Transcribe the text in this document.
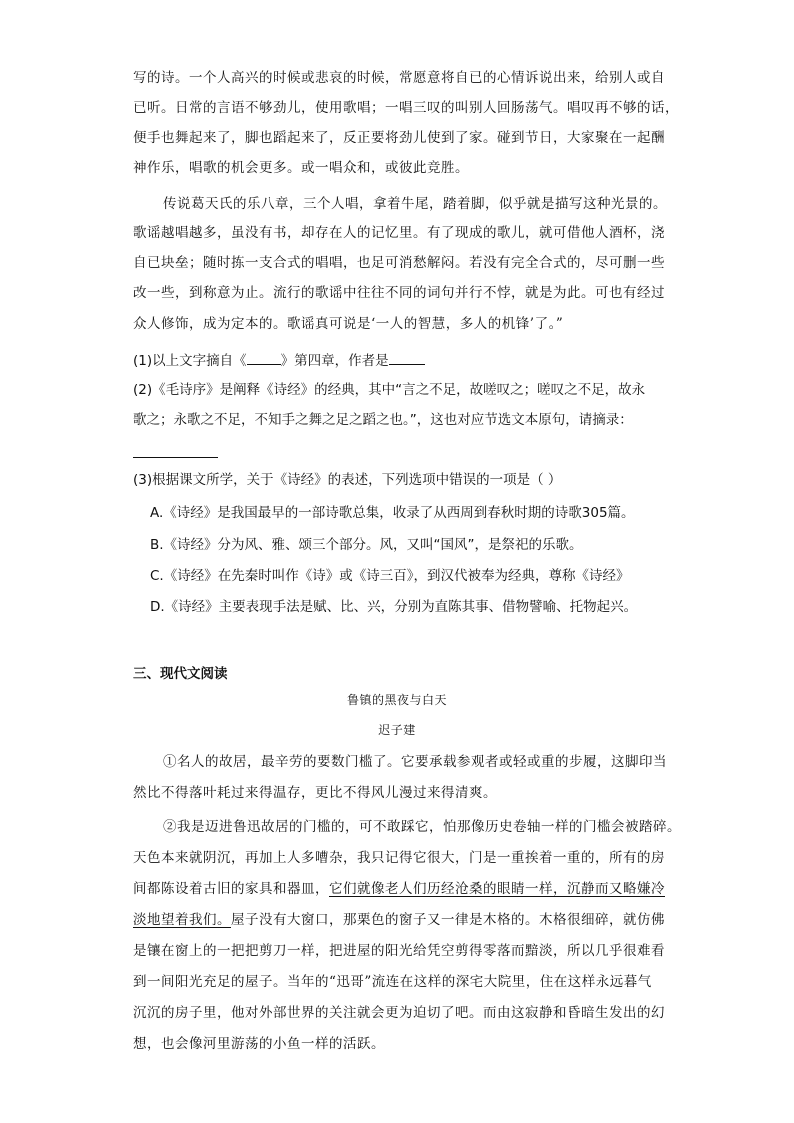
写的诗。一个人高兴的时候或悲哀的时候，常愿意将自已的心情诉说出来，给别人或自
已听。日常的言语不够劲儿，使用歌唱；一唱三叹的叫别人回肠荡气。唱叹再不够的话，
便手也舞起来了，脚也蹈起来了，反正要将劲儿使到了家。碰到节日，大家聚在一起酬
神作乐，唱歌的机会更多。或一唱众和，或彼此竞胜。
传说葛天氏的乐八章，三个人唱，拿着牛尾，踏着脚，似乎就是描写这种光景的。
歌谣越唱越多，虽没有书，却存在人的记忆里。有了现成的歌儿，就可借他人酒杯，浇
自已块垒；随时拣一支合式的唱唱，也足可消愁解闷。若没有完全合式的，尽可删一些
改一些，到称意为止。流行的歌谣中往往不同的词句并行不悖，就是为此。可也有经过
众人修饰，成为定本的。歌谣真可说是‘一人的智慧，多人的机锋’了。”
(1)以上文字摘自《	》第四章，作者是
(2)《毛诗序》是阐释《诗经》的经典，其中“言之不足，故嗟叹之；嗟叹之不足，故永
歌之；永歌之不足，不知手之舞之足之蹈之也。”，这也对应节选文本原句，请摘录：
(3)根据课文所学，关于《诗经》的表述，下列选项中错误的一项是（ ）
A.《诗经》是我国最早的一部诗歌总集，收录了从西周到春秋时期的诗歌305篇。
B.《诗经》分为风、雅、颂三个部分。风，又叫“国风”，是祭祀的乐歌。
C.《诗经》在先秦时叫作《诗》或《诗三百》，到汉代被奉为经典，尊称《诗经》
D.《诗经》主要表现手法是赋、比、兴，分别为直陈其事、借物譬喻、托物起兴。
三、现代文阅读
鲁镇的黑夜与白天
迟子建
①名人的故居，最辛劳的要数门槛了。它要承载参观者或轻或重的步履，这脚印当
然比不得落叶耗过来得温存，更比不得风儿漫过来得清爽。
②我是迈进鲁迅故居的门槛的，可不敢踩它，怕那像历史卷轴一样的门槛会被踏碎。
天色本来就阴沉，再加上人多嘈杂，我只记得它很大，门是一重挨着一重的，所有的房
间都陈设着古旧的家具和器皿，它们就像老人们历经沧桑的眼睛一样，沉静而又略嫌冷
淡地望着我们。屋子没有大窗口，那栗色的窗子又一律是木格的。木格很细碎，就仿佛
是镶在窗上的一把把剪刀一样，把进屋的阳光给凭空剪得零落而黯淡，所以几乎很难看
到一间阳光充足的屋子。当年的“迅哥”流连在这样的深宅大院里，住在这样永远暮气
沉沉的房子里，他对外部世界的关注就会更为迫切了吧。而由这寂静和昏暗生发出的幻
想，也会像河里游荡的小鱼一样的活跃。
